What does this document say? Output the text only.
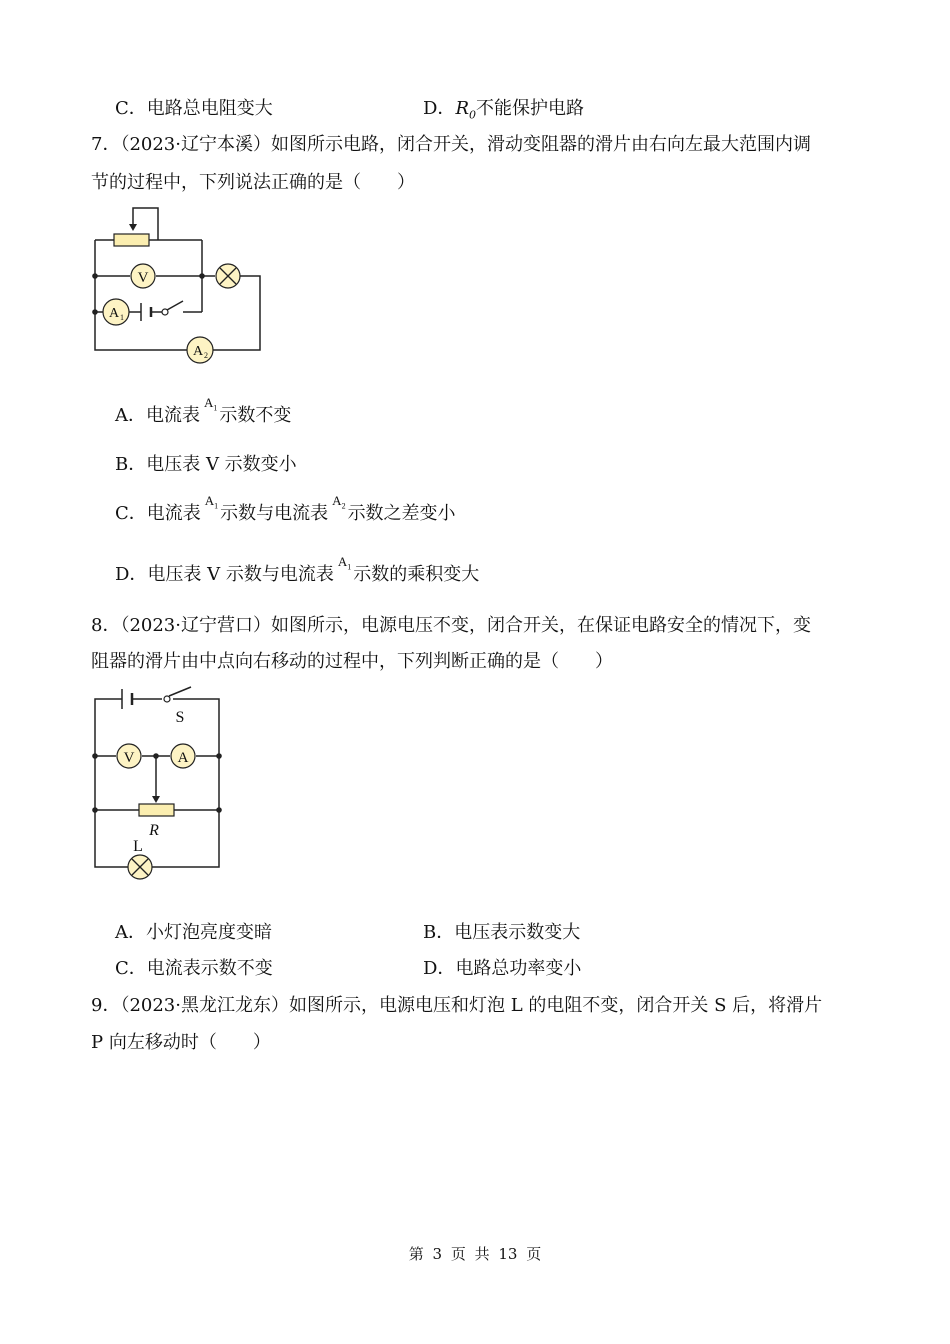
C．电路总电阻变大	D．$R_0$不能保护电路
7．（2023·辽宁本溪）如图所示电路，闭合开关，滑动变阻器的滑片由右向左最大范围内调
节的过程中，下列说法正确的是（　　）
V
A 1
A 2
A．电流表$A_1$ 示数不变
B．电压表 V 示数变小
C．电流表$A_1$ 示数与电流表$A_2$ 示数之差变小
D．电压表 V 示数与电流表$A_1$ 示数的乘积变大
8．（2023·辽宁营口）如图所示，电源电压不变，闭合开关，在保证电路安全的情况下，变
阻器的滑片由中点向右移动的过程中，下列判断正确的是（　　）
S
V	A
R
L
A．小灯泡亮度变暗	B．电压表示数变大
C．电流表示数不变	D．电路总功率变小
9．（2023·黑龙江龙东）如图所示，电源电压和灯泡 L 的电阻不变，闭合开关 S 后，将滑片
P 向左移动时（　　）
第 3 页 共 13 页
